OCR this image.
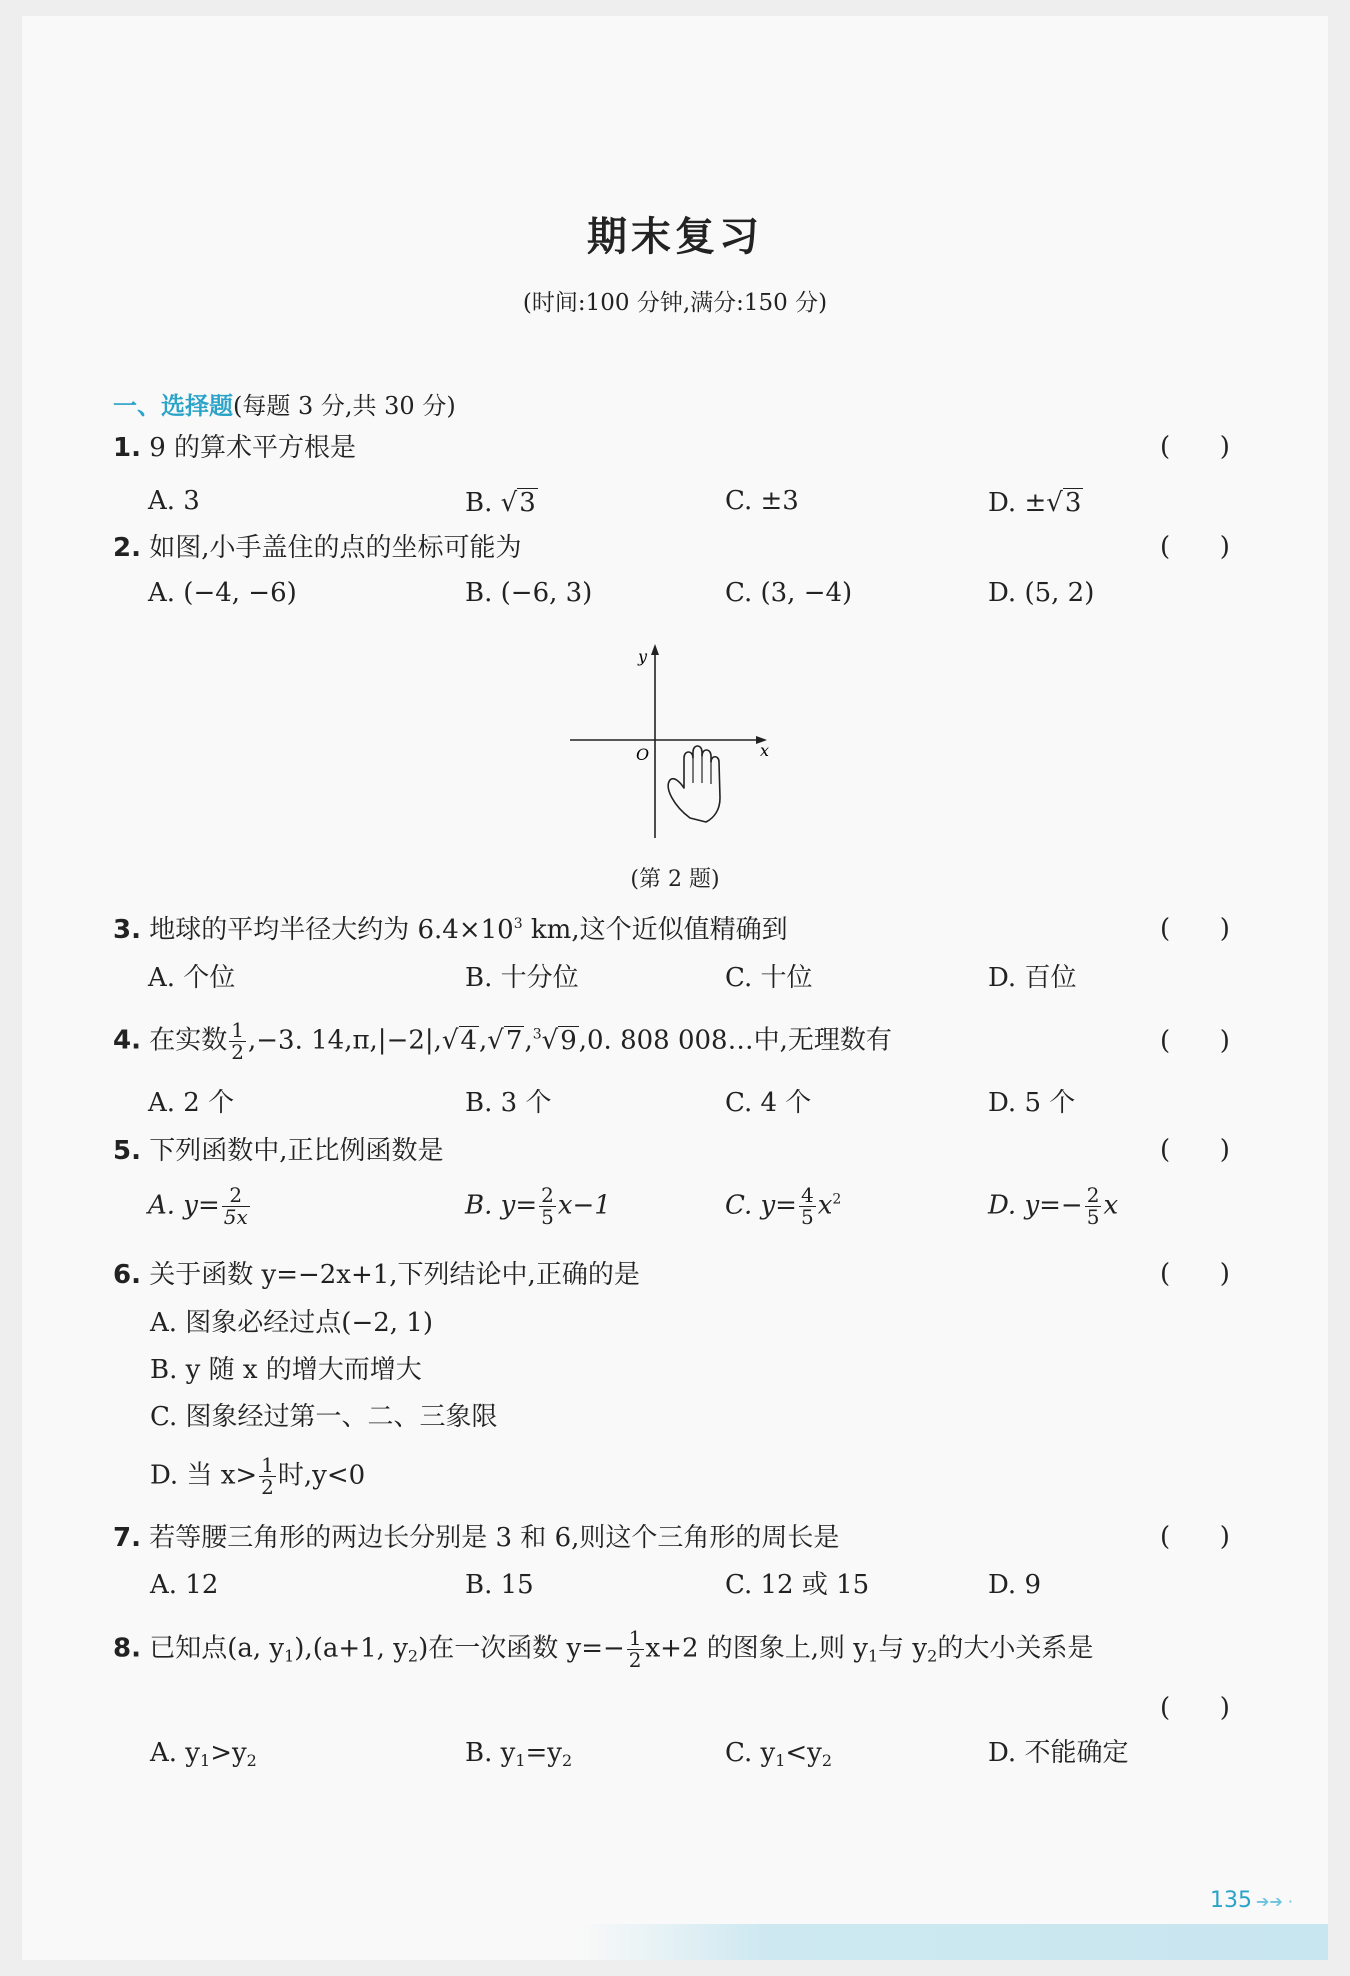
期末复习
(时间:100 分钟,满分:150 分)
一、选择题(每题 3 分,共 30 分)
1. 9 的算术平方根是	(      )
A. 3	B. √3	C. ±3	D. ±√3
2. 如图,小手盖住的点的坐标可能为	(      )
A. (−4, −6)	B. (−6, 3)	C. (3, −4)	D. (5, 2)
y
x
O
(第 2 题)
3. 地球的平均半径大约为 $6.4\times 10^3$ km,这个近似值精确到	(      )
A. 个位	B. 十分位	C. 十位	D. 百位
4. 在实数 $\frac{1}{2} ,-3$. 14,π,|−2|,√4,√7,$^3$√9,0. 808 008…中,无理数有	(      )
A. 2 个	B. 3 个	C. 4 个	D. 5 个
5. 下列函数中,正比例函数是	(      )
A. $y= \frac{2}{5x}$	B. $y= \frac{2}{5} x-1$	C. $y= \frac{4}{5} x^2$	D. $y=- \frac{2}{5}$ x
6. 关于函数 y=−2x+1,下列结论中,正确的是	(      )
A. 图象必经过点(−2, 1)
B. y 随 x 的增大而增大
C. 图象经过第一、二、三象限
D. 当 $x> \frac{1}{2}$ 时,y<0
7. 若等腰三角形的两边长分别是 3 和 6,则这个三角形的周长是	(      )
A. 12	B. 15	C. 12 或 15	D. 9
8. 已知点(a, $y_1),(a+1$, $y_2$)在一次函数 $y=- \frac{1}{2} x+2$ 的图象上,则 $y_1$与 $y_2$的大小关系是
(      )
A. $y_1>y_2$	B. $y_1=y_2$	C. $y_1<y_2$	D. 不能确定
135 ➔➔ ·
